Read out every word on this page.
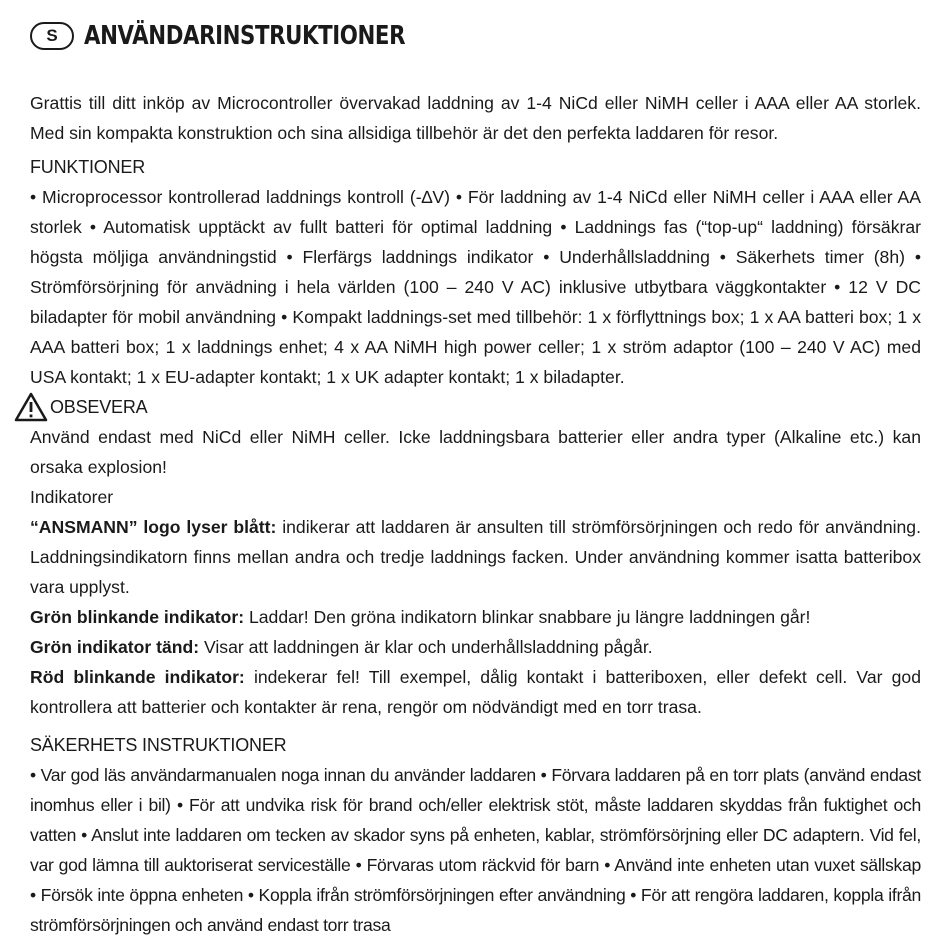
S	ANVÄNDARINSTRUKTIONER

Grattis till ditt inköp av Microcontroller övervakad laddning av 1-4 NiCd eller NiMH celler i AAA eller AA storlek. Med sin kompakta konstruktion och sina allsidiga tillbehör är det den perfekta laddaren för resor.

FUNKTIONER

• Microprocessor kontrollerad laddnings kontroll (-∆V) • För laddning av 1-4 NiCd eller NiMH celler i AAA eller AA storlek • Automatisk upptäckt av fullt batteri för optimal laddning • Laddnings fas (“top-up“ laddning) försäkrar högsta möljiga användningstid • Flerfärgs laddnings indikator • Underhållsladdning • Säkerhets timer (8h) • Strömförsörjning för anvädning i hela världen (100 – 240 V AC) inklusive utbytbara väggkontakter • 12 V DC biladapter för mobil användning • Kompakt laddnings-set med tillbehör: 1 x förflyttnings box; 1 x AA batteri box; 1 x AAA batteri box; 1 x laddnings enhet; 4 x AA NiMH high power celler; 1 x ström adaptor (100 – 240 V AC) med USA kontakt; 1 x EU-adapter kontakt; 1 x UK adapter kontakt; 1 x biladapter.

OBSEVERA

Använd endast med NiCd eller NiMH celler. Icke laddningsbara batterier eller andra typer (Alkaline etc.) kan orsaka explosion!

Indikatorer

“ANSMANN” logo lyser blått: indikerar att laddaren är ansulten till strömförsörjningen och redo för användning. Laddningsindikatorn finns mellan andra och tredje laddnings facken. Under användning kommer isatta batteribox vara upplyst.

Grön blinkande indikator: Laddar! Den gröna indikatorn blinkar snabbare ju längre laddningen går!

Grön indikator tänd: Visar att laddningen är klar och underhållsladdning pågår.

Röd blinkande indikator: indekerar fel! Till exempel, dålig kontakt i batteriboxen, eller defekt cell. Var god kontrollera att batterier och kontakter är rena, rengör om nödvändigt med en torr trasa.

SÄKERHETS INSTRUKTIONER

• Var god läs användarmanualen noga innan du använder laddaren • Förvara laddaren på en torr plats (använd endast inomhus eller i bil) • För att undvika risk för brand och/eller elektrisk stöt, måste laddaren skyddas från fuktighet och vatten • Anslut inte laddaren om tecken av skador syns på enheten, kablar, strömförsörjning eller DC adaptern. Vid fel, var god lämna till auktoriserat serviceställe • Förvaras utom räckvid för barn • Använd inte enheten utan vuxet sällskap • Försök inte öppna enheten • Koppla ifrån strömförsörjningen efter användning • För att rengöra laddaren, koppla ifrån strömförsörjningen och använd endast torr trasa
